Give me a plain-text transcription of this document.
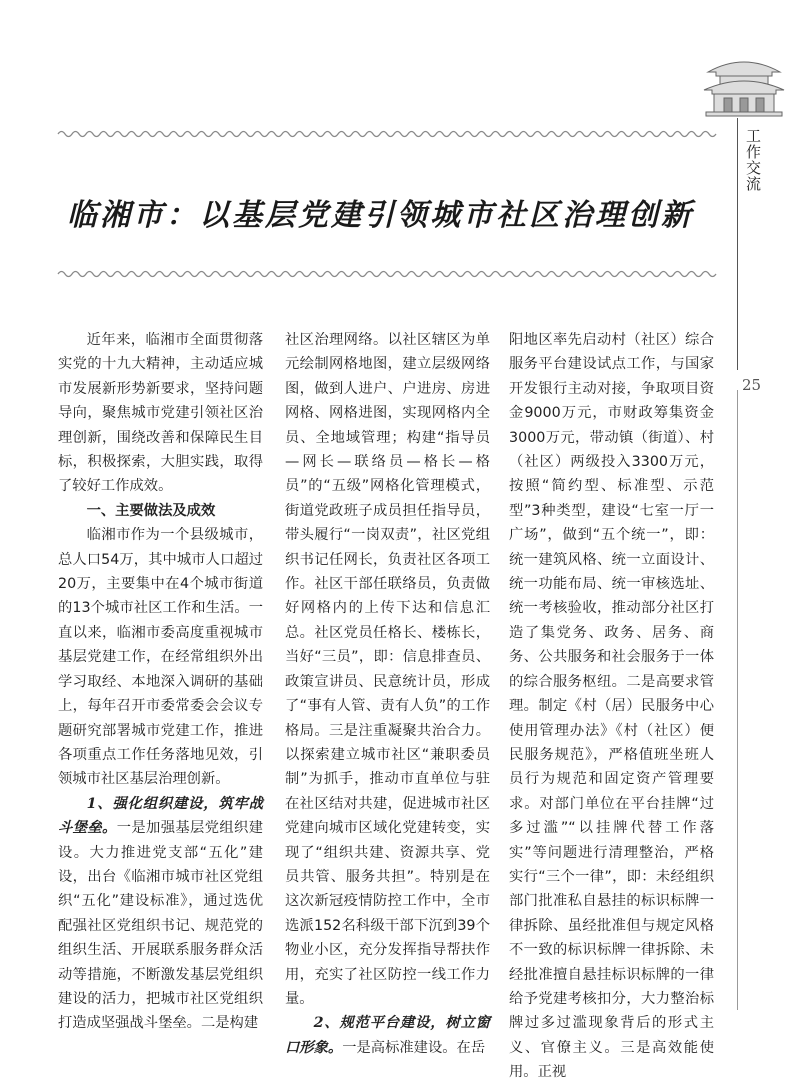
工作交流
25
临湘市：以基层党建引领城市社区治理创新

近年来，临湘市全面贯彻落实党的十九大精神，主动适应城市发展新形势新要求，坚持问题导向，聚焦城市党建引领社区治理创新，围绕改善和保障民生目标，积极探索，大胆实践，取得了较好工作成效。

一、主要做法及成效

临湘市作为一个县级城市，总人口54万，其中城市人口超过20万，主要集中在4个城市街道的13个城市社区工作和生活。一直以来，临湘市委高度重视城市基层党建工作，在经常组织外出学习取经、本地深入调研的基础上，每年召开市委常委会会议专题研究部署城市党建工作，推进各项重点工作任务落地见效，引领城市社区基层治理创新。

1、强化组织建设，筑牢战斗堡垒。一是加强基层党组织建设。大力推进党支部“五化”建设，出台《临湘市城市社区党组织“五化”建设标准》，通过选优配强社区党组织书记、规范党的组织生活、开展联系服务群众活动等措施，不断激发基层党组织建设的活力，把城市社区党组织打造成坚强战斗堡垒。二是构建

社区治理网络。以社区辖区为单元绘制网格地图，建立层级网络图，做到人进户、户进房、房进网格、网格进图，实现网格内全员、全地域管理；构建“指导员—网长—联络员—格长—格员”的“五级”网格化管理模式，街道党政班子成员担任指导员，带头履行“一岗双责”，社区党组织书记任网长，负责社区各项工作。社区干部任联络员，负责做好网格内的上传下达和信息汇总。社区党员任格长、楼栋长，当好“三员”，即：信息排查员、政策宣讲员、民意统计员，形成了“事有人管、责有人负”的工作格局。三是注重凝聚共治合力。以探索建立城市社区“兼职委员制”为抓手，推动市直单位与驻在社区结对共建，促进城市社区党建向城市区域化党建转变，实现了“组织共建、资源共享、党员共管、服务共担”。特别是在这次新冠疫情防控工作中，全市选派152名科级干部下沉到39个物业小区，充分发挥指导帮扶作用，充实了社区防控一线工作力量。

2、规范平台建设，树立窗口形象。一是高标准建设。在岳

阳地区率先启动村（社区）综合服务平台建设试点工作，与国家开发银行主动对接，争取项目资金9000万元，市财政筹集资金3000万元，带动镇（街道）、村（社区）两级投入3300万元，按照“简约型、标准型、示范型”3种类型，建设“七室一厅一广场”，做到“五个统一”，即：统一建筑风格、统一立面设计、统一功能布局、统一审核选址、统一考核验收，推动部分社区打造了集党务、政务、居务、商务、公共服务和社会服务于一体的综合服务枢纽。二是高要求管理。制定《村（居）民服务中心使用管理办法》《村（社区）便民服务规范》，严格值班坐班人员行为规范和固定资产管理要求。对部门单位在平台挂牌“过多过滥”“以挂牌代替工作落实”等问题进行清理整治，严格实行“三个一律”，即：未经组织部门批准私自悬挂的标识标牌一律拆除、虽经批准但与规定风格不一致的标识标牌一律拆除、未经批准擅自悬挂标识标牌的一律给予党建考核扣分，大力整治标牌过多过滥现象背后的形式主义、官僚主义。三是高效能使用。正视
